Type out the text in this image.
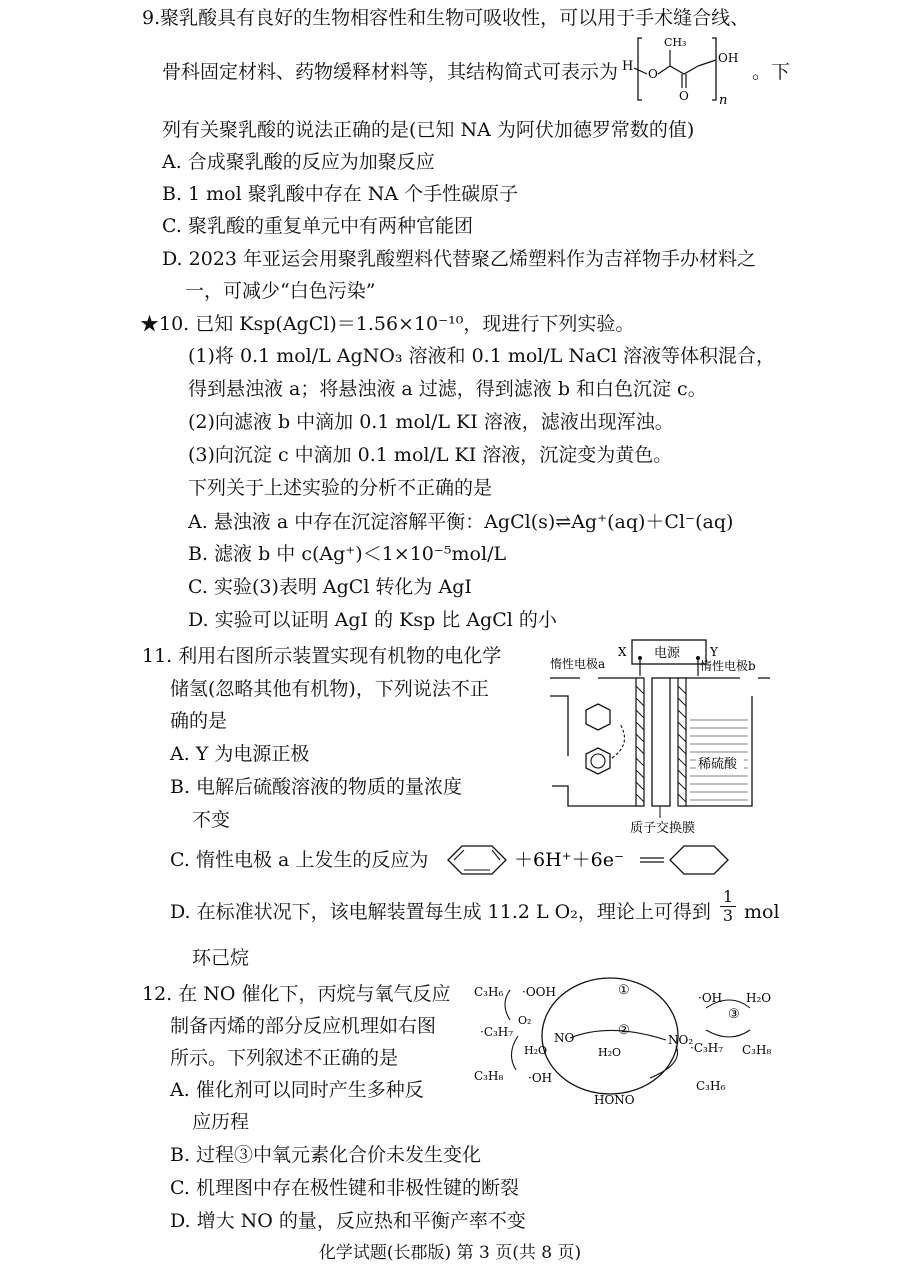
9.聚乳酸具有良好的生物相容性和生物可吸收性，可以用于手术缝合线、
骨科固定材料、药物缓释材料等，其结构简式可表示为 H O
CH₃
O
OH
n
。下
列有关聚乳酸的说法正确的是(已知 NA 为阿伏加德罗常数的值)
A. 合成聚乳酸的反应为加聚反应
B. 1 mol 聚乳酸中存在 NA 个手性碳原子
C. 聚乳酸的重复单元中有两种官能团
D. 2023 年亚运会用聚乳酸塑料代替聚乙烯塑料作为吉祥物手办材料之
一，可减少“白色污染”
★10. 已知 Ksp(AgCl)＝1.56×10⁻¹⁰，现进行下列实验。
(1)将 0.1 mol/L AgNO₃ 溶液和 0.1 mol/L NaCl 溶液等体积混合，
得到悬浊液 a；将悬浊液 a 过滤，得到滤液 b 和白色沉淀 c。
(2)向滤液 b 中滴加 0.1 mol/L KI 溶液，滤液出现浑浊。
(3)向沉淀 c 中滴加 0.1 mol/L KI 溶液，沉淀变为黄色。
下列关于上述实验的分析不正确的是
A. 悬浊液 a 中存在沉淀溶解平衡：AgCl(s)⇌Ag⁺(aq)＋Cl⁻(aq)
B. 滤液 b 中 c(Ag⁺)＜1×10⁻⁵mol/L
C. 实验(3)表明 AgCl 转化为 AgI
D. 实验可以证明 AgI 的 Ksp 比 AgCl 的小
11. 利用右图所示装置实现有机物的电化学
储氢(忽略其他有机物)，下列说法不正
确的是
A. Y 为电源正极
B. 电解后硫酸溶液的物质的量浓度
不变
电源
X	Y
惰性电极a	惰性电极b
稀硫酸
质子交换膜
C. 惰性电极 a 上发生的反应为	＋6H⁺＋6e⁻
D. 在标准状况下，该电解装置每生成 11.2 L O₂，理论上可得到
1
3 mol
环己烷
12. 在 NO 催化下，丙烷与氧气反应
制备丙烯的部分反应机理如右图
所示。下列叙述不正确的是
A. 催化剂可以同时产生多种反
应历程
B. 过程③中氧元素化合价未发生变化
C. 机理图中存在极性键和非极性键的断裂
D. 增大 NO 的量，反应热和平衡产率不变
C₃H₆ ·OOH	①	·OH H₂O
·C₃H₇
O₂
②
NO	NO₂
③
·C₃H₇ C₃H₈
H₂O	H₂O
C₃H₈ ·OH
HONO
C₃H₆
化学试题(长郡版) 第 3 页(共 8 页)
